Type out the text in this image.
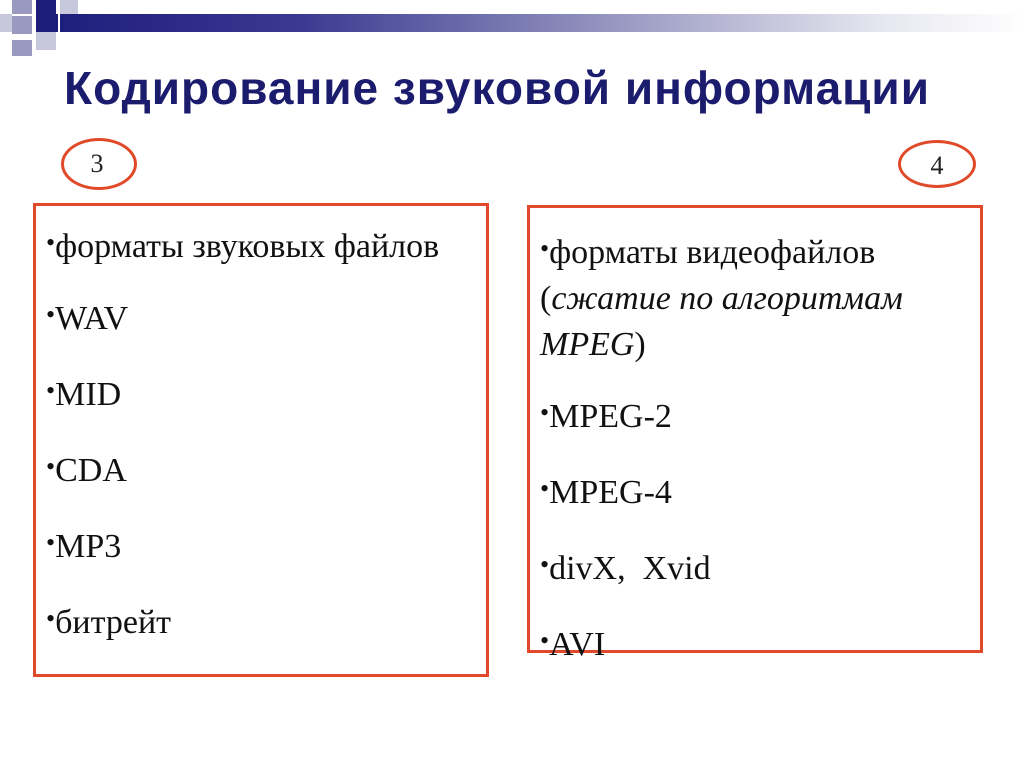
Кодирование звуковой информации
3	4

•форматы звуковых файлов

•WAV

•MID

•CDA

•MP3

•битрейт

•форматы видеофайлов
(сжатие по алгоритмам MPEG)

•MPEG-2

•MPEG-4

•divX,  Xvid

•AVI
